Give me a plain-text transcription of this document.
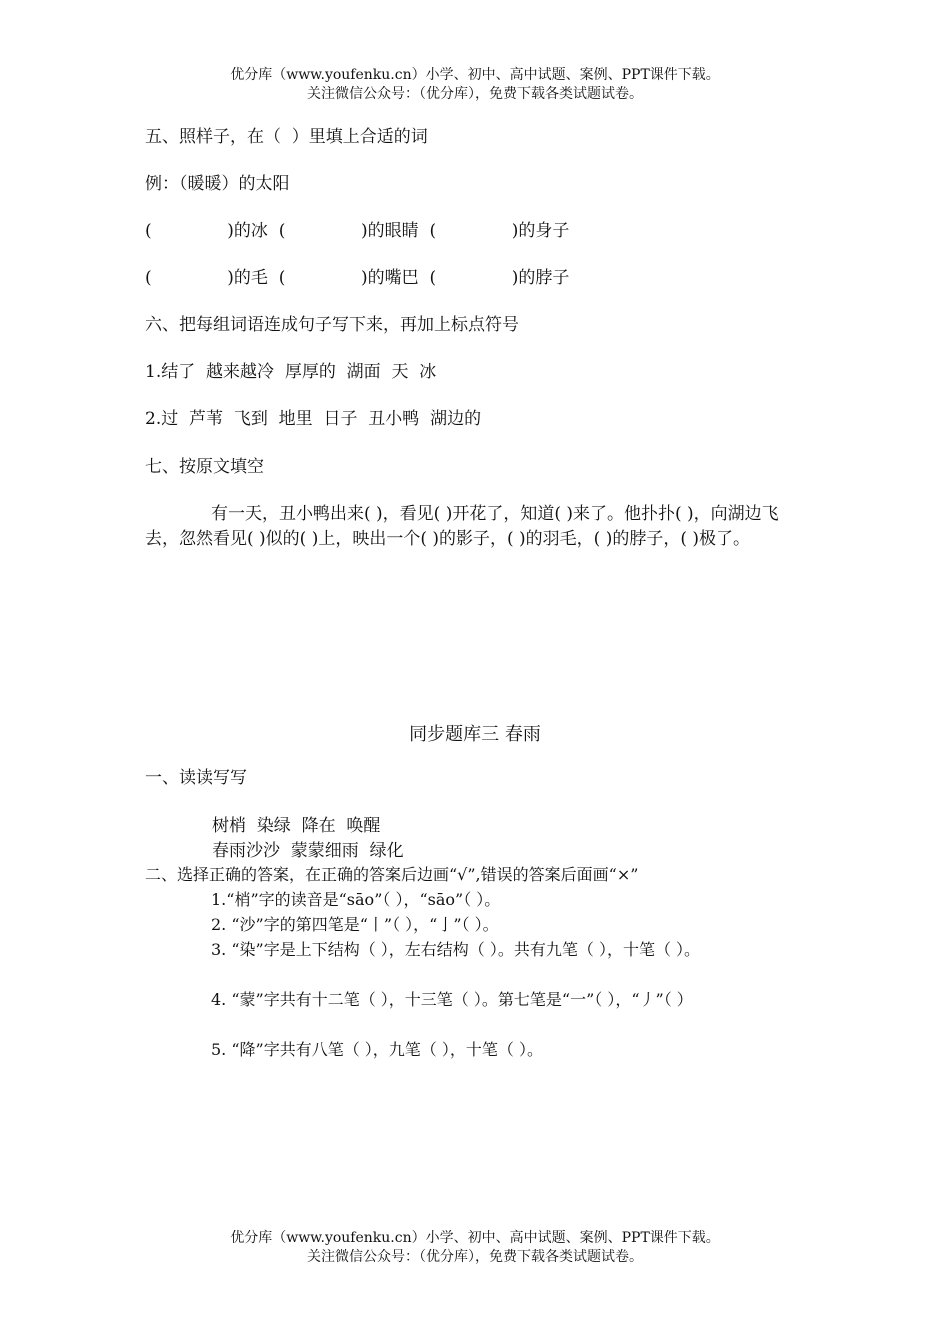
优分库（www.youfenku.cn）小学、初中、高中试题、案例、PPT课件下载。
关注微信公众号：（优分库），免费下载各类试题试卷。
五、照样子，在（  ）里填上合适的词
例：（暖暖）的太阳
(              )的冰  (              )的眼睛  (              )的身子
(              )的毛  (              )的嘴巴  (              )的脖子
六、把每组词语连成句子写下来，再加上标点符号
1.结了  越来越冷  厚厚的  湖面  天  冰
2.过  芦苇  飞到  地里  日子  丑小鸭  湖边的
七、按原文填空
有一天，丑小鸭出来( )，看见( )开花了，知道( )来了。他扑扑( )，向湖边飞去，忽然看见( )似的( )上，映出一个( )的影子，( )的羽毛，( )的脖子，( )极了。
同步题库三 春雨
一、读读写写
树梢  染绿  降在  唤醒
春雨沙沙  蒙蒙细雨  绿化
二、选择正确的答案，在正确的答案后边画“√”,错误的答案后面画“×”
1.“梢”字的读音是“sāo”（ ），“sāo”（ ）。
2. “沙”字的第四笔是“丨”（ ），“亅”（ ）。
3. “染”字是上下结构（ ），左右结构（ ）。共有九笔（ ），十笔（ ）。
4. “蒙”字共有十二笔（ ），十三笔（ ）。第七笔是“一”（ ），“丿”（ ）
5. “降”字共有八笔（ ），九笔（ ），十笔（ ）。
优分库（www.youfenku.cn）小学、初中、高中试题、案例、PPT课件下载。
关注微信公众号：（优分库），免费下载各类试题试卷。
